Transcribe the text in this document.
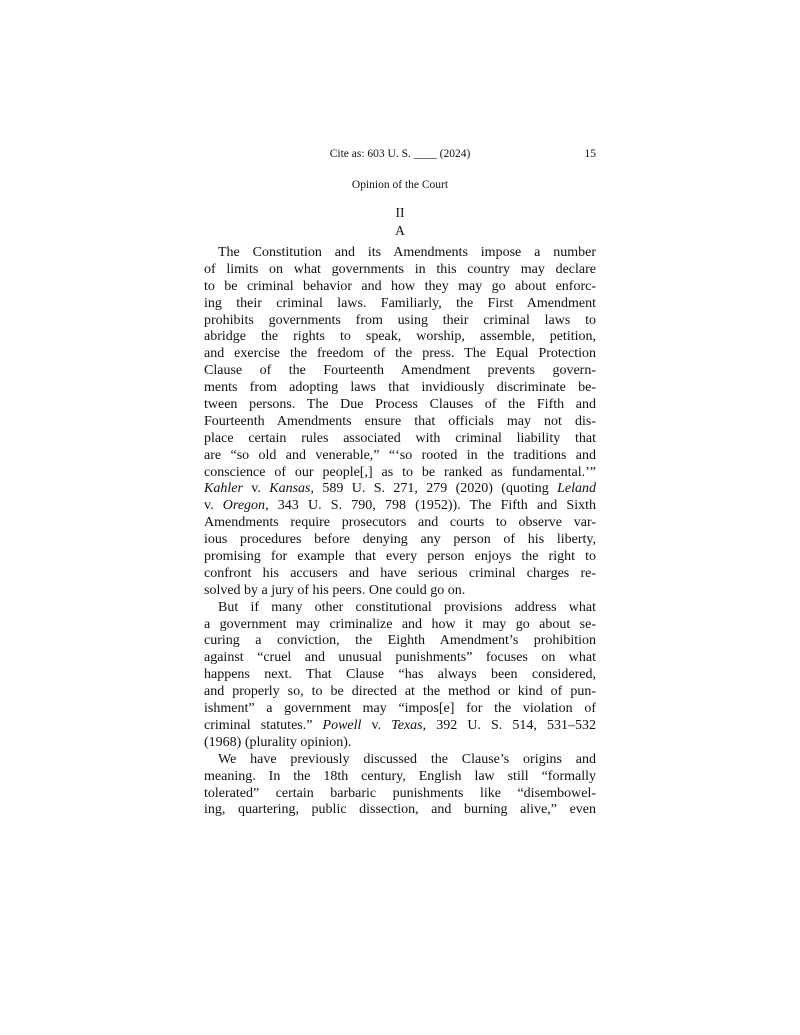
Cite as: 603 U. S. ____ (2024)	15
Opinion of the Court
II
A
The Constitution and its Amendments impose a number
of limits on what governments in this country may declare
to be criminal behavior and how they may go about enforc-
ing their criminal laws. Familiarly, the First Amendment
prohibits governments from using their criminal laws to
abridge the rights to speak, worship, assemble, petition,
and exercise the freedom of the press. The Equal Protection
Clause of the Fourteenth Amendment prevents govern-
ments from adopting laws that invidiously discriminate be-
tween persons. The Due Process Clauses of the Fifth and
Fourteenth Amendments ensure that officials may not dis-
place certain rules associated with criminal liability that
are “so old and venerable,” “‘so rooted in the traditions and
conscience of our people[,] as to be ranked as fundamental.’”
Kahler v. Kansas, 589 U. S. 271, 279 (2020) (quoting Leland
v. Oregon, 343 U. S. 790, 798 (1952)). The Fifth and Sixth
Amendments require prosecutors and courts to observe var-
ious procedures before denying any person of his liberty,
promising for example that every person enjoys the right to
confront his accusers and have serious criminal charges re-
solved by a jury of his peers. One could go on.
But if many other constitutional provisions address what
a government may criminalize and how it may go about se-
curing a conviction, the Eighth Amendment’s prohibition
against “cruel and unusual punishments” focuses on what
happens next. That Clause “has always been considered,
and properly so, to be directed at the method or kind of pun-
ishment” a government may “impos[e] for the violation of
criminal statutes.” Powell v. Texas, 392 U. S. 514, 531–532
(1968) (plurality opinion).
We have previously discussed the Clause’s origins and
meaning. In the 18th century, English law still “formally
tolerated” certain barbaric punishments like “disembowel-
ing, quartering, public dissection, and burning alive,” even
